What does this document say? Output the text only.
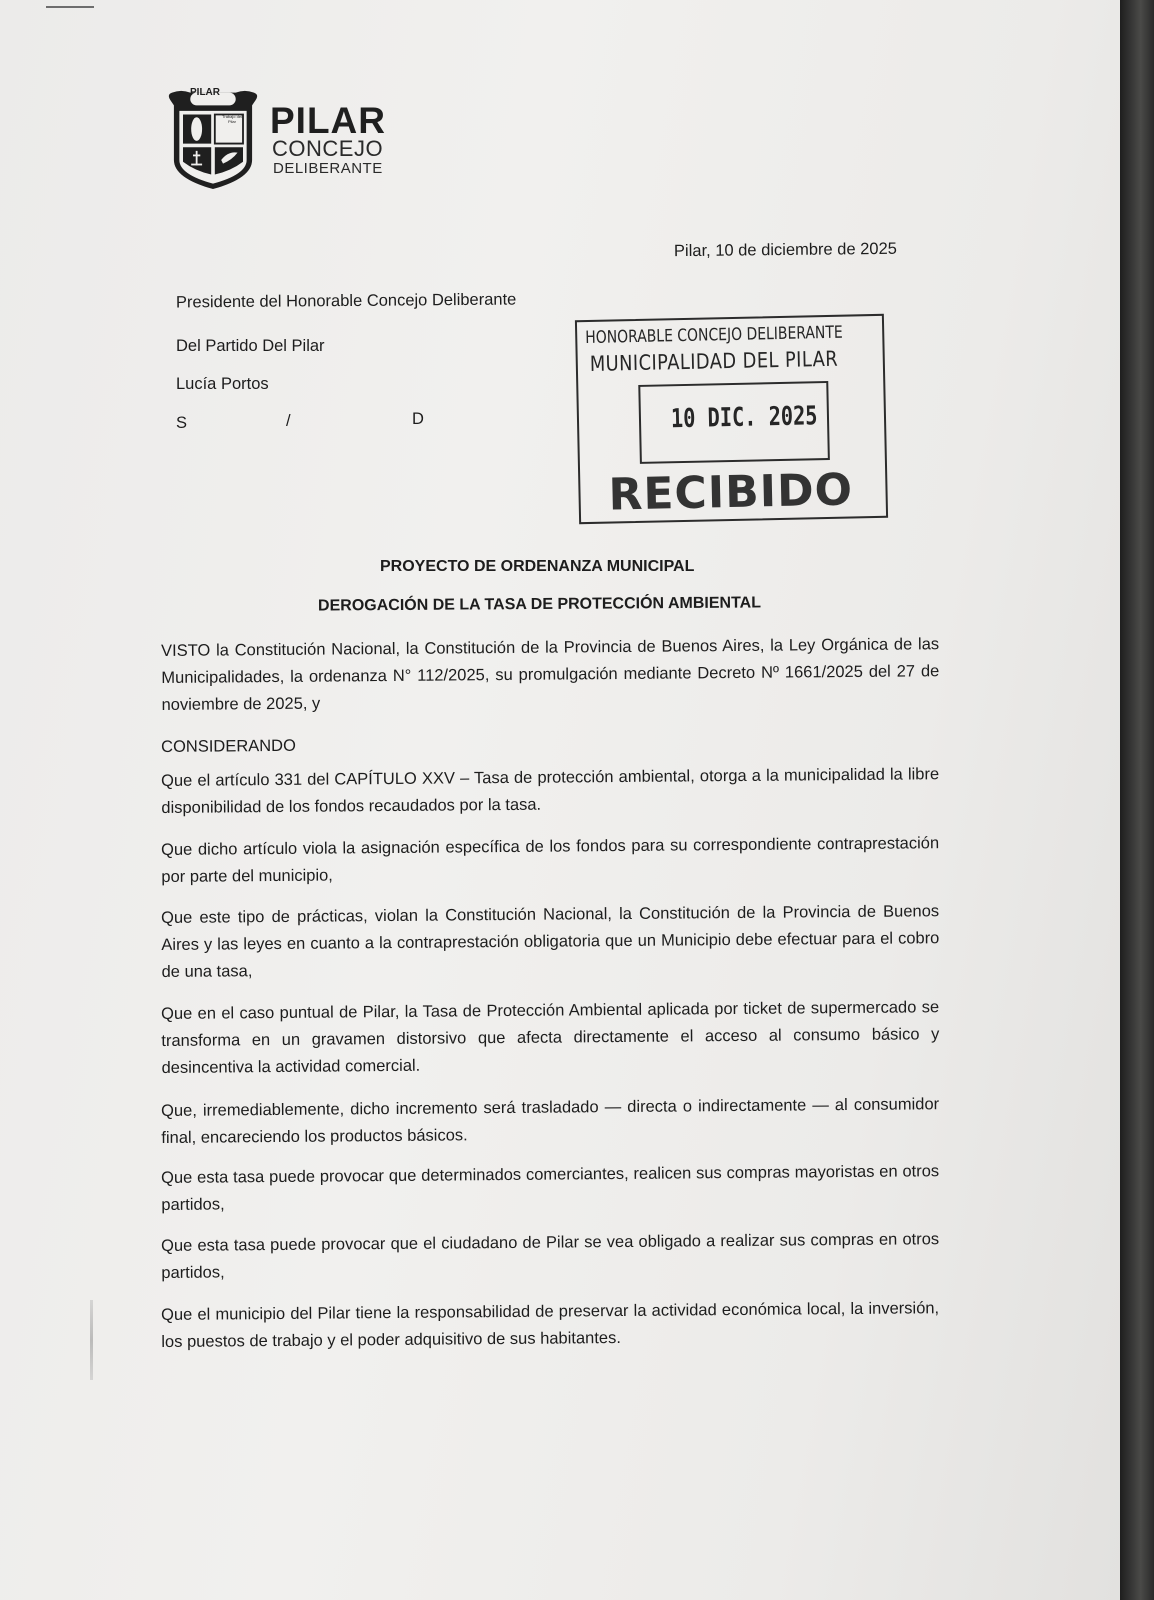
PILAR
Trabajo del Pilar PILAR
CONCEJO
DELIBERANTE
Pilar, 10 de diciembre de 2025
Presidente del Honorable Concejo Deliberante
Del Partido Del Pilar
Lucía Portos
S	/	D
HONORABLE CONCEJO DELIBERANTE
MUNICIPALIDAD DEL PILAR
10 DIC. 2025
RECIBIDO
PROYECTO DE ORDENANZA MUNICIPAL
DEROGACIÓN DE LA TASA DE PROTECCIÓN AMBIENTAL
VISTO la Constitución Nacional, la Constitución de la Provincia de Buenos Aires, la Ley Orgánica de las Municipalidades, la ordenanza N° 112/2025, su promulgación mediante Decreto Nº 1661/2025 del 27 de noviembre de 2025, y
CONSIDERANDO
Que el artículo 331 del CAPÍTULO XXV – Tasa de protección ambiental, otorga a la municipalidad la libre disponibilidad de los fondos recaudados por la tasa.
Que dicho artículo viola la asignación específica de los fondos para su correspondiente contraprestación por parte del municipio,
Que este tipo de prácticas, violan la Constitución Nacional, la Constitución de la Provincia de Buenos Aires y las leyes en cuanto a la contraprestación obligatoria que un Municipio debe efectuar para el cobro de una tasa,
Que en el caso puntual de Pilar, la Tasa de Protección Ambiental aplicada por ticket de supermercado se transforma en un gravamen distorsivo que afecta directamente el acceso al consumo básico y desincentiva la actividad comercial.
Que, irremediablemente, dicho incremento será trasladado — directa o indirectamente — al consumidor final, encareciendo los productos básicos.
Que esta tasa puede provocar que determinados comerciantes, realicen sus compras mayoristas en otros partidos,
Que esta tasa puede provocar que el ciudadano de Pilar se vea obligado a realizar sus compras en otros partidos,
Que el municipio del Pilar tiene la responsabilidad de preservar la actividad económica local, la inversión, los puestos de trabajo y el poder adquisitivo de sus habitantes.
